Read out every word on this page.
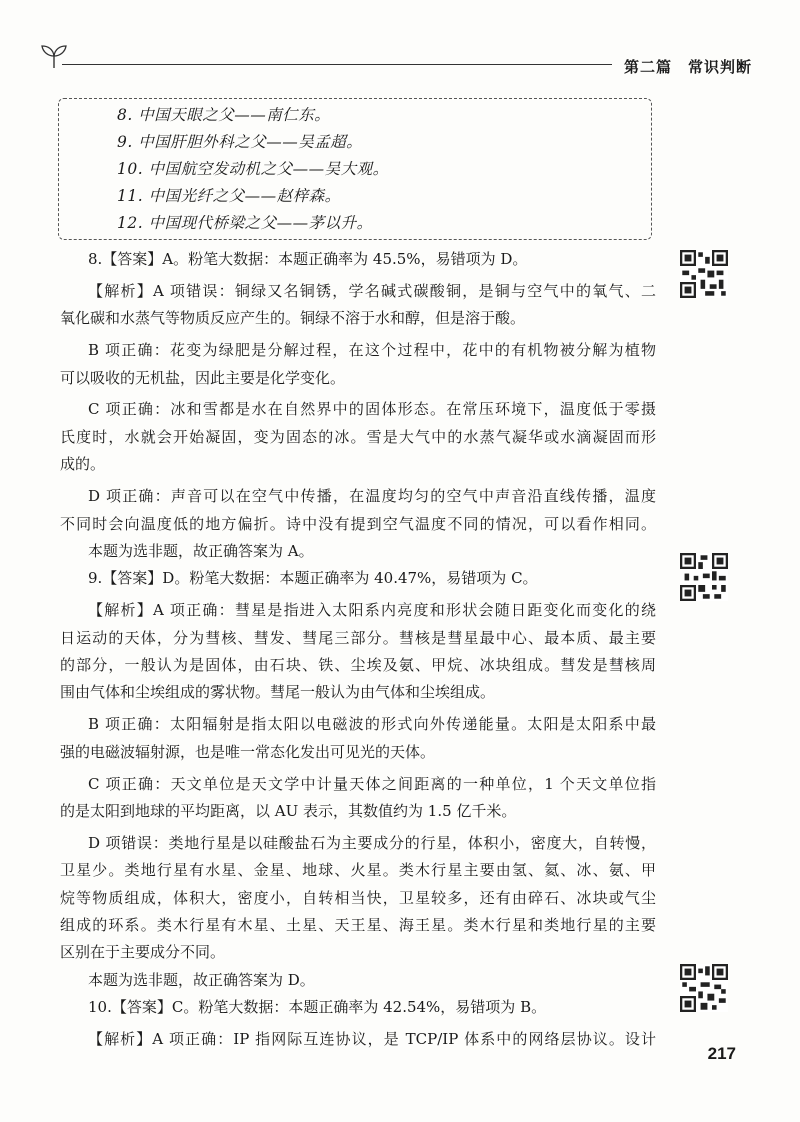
第二篇　常识判断
8. 中国天眼之父——南仁东。
9. 中国肝胆外科之父——吴孟超。
10. 中国航空发动机之父——吴大观。
11. 中国光纤之父——赵梓森。
12. 中国现代桥梁之父——茅以升。
8.【答案】A。粉笔大数据：本题正确率为 45.5%，易错项为 D。
【解析】A 项错误：铜绿又名铜锈，学名碱式碳酸铜，是铜与空气中的氧气、二
氧化碳和水蒸气等物质反应产生的。铜绿不溶于水和醇，但是溶于酸。
B 项正确：花变为绿肥是分解过程，在这个过程中，花中的有机物被分解为植物
可以吸收的无机盐，因此主要是化学变化。
C 项正确：冰和雪都是水在自然界中的固体形态。在常压环境下，温度低于零摄
氏度时，水就会开始凝固，变为固态的冰。雪是大气中的水蒸气凝华或水滴凝固而形
成的。
D 项正确：声音可以在空气中传播，在温度均匀的空气中声音沿直线传播，温度
不同时会向温度低的地方偏折。诗中没有提到空气温度不同的情况，可以看作相同。
本题为选非题，故正确答案为 A。
9.【答案】D。粉笔大数据：本题正确率为 40.47%，易错项为 C。
【解析】A 项正确：彗星是指进入太阳系内亮度和形状会随日距变化而变化的绕
日运动的天体，分为彗核、彗发、彗尾三部分。彗核是彗星最中心、最本质、最主要
的部分，一般认为是固体，由石块、铁、尘埃及氨、甲烷、冰块组成。彗发是彗核周
围由气体和尘埃组成的雾状物。彗尾一般认为由气体和尘埃组成。
B 项正确：太阳辐射是指太阳以电磁波的形式向外传递能量。太阳是太阳系中最
强的电磁波辐射源，也是唯一常态化发出可见光的天体。
C 项正确：天文单位是天文学中计量天体之间距离的一种单位，1 个天文单位指
的是太阳到地球的平均距离，以 AU 表示，其数值约为 1.5 亿千米。
D 项错误：类地行星是以硅酸盐石为主要成分的行星，体积小，密度大，自转慢，
卫星少。类地行星有水星、金星、地球、火星。类木行星主要由氢、氦、冰、氨、甲
烷等物质组成，体积大，密度小，自转相当快，卫星较多，还有由碎石、冰块或气尘
组成的环系。类木行星有木星、土星、天王星、海王星。类木行星和类地行星的主要
区别在于主要成分不同。
本题为选非题，故正确答案为 D。
10.【答案】C。粉笔大数据：本题正确率为 42.54%，易错项为 B。
【解析】A 项正确：IP 指网际互连协议，是 TCP/IP 体系中的网络层协议。设计
217
